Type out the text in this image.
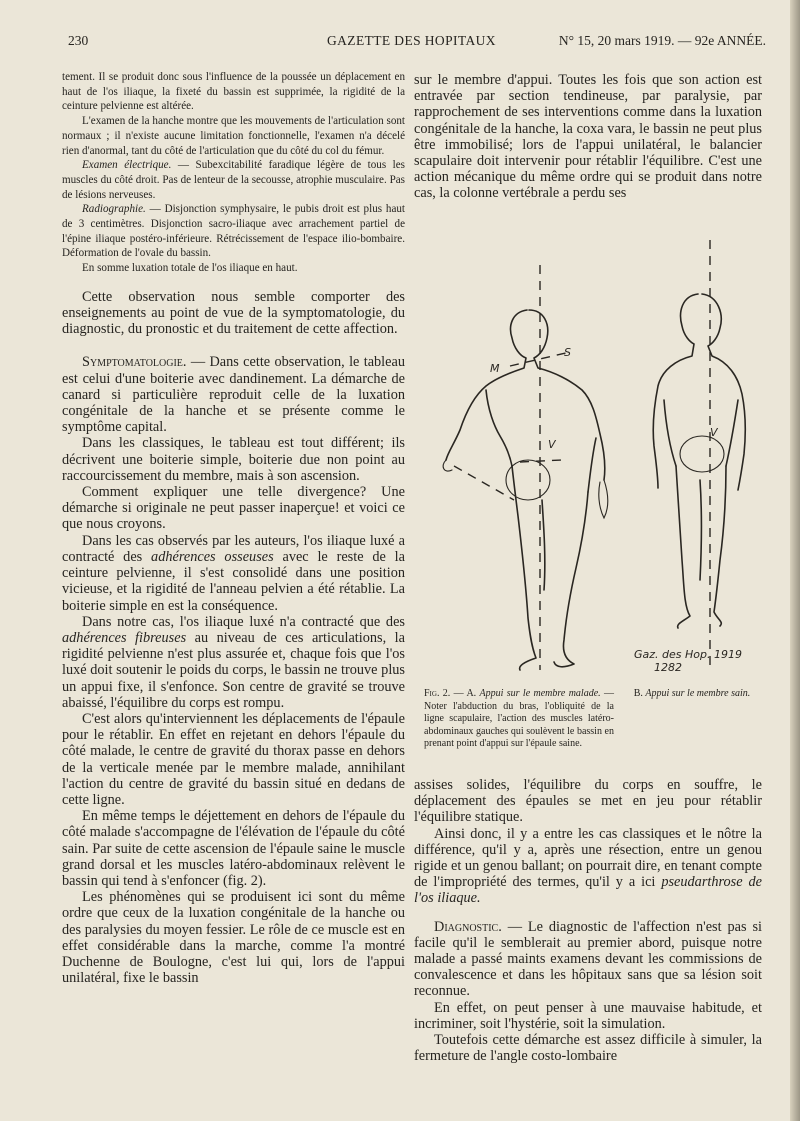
230	GAZETTE DES HOPITAUX	N° 15, 20 mars 1919. — 92e ANNÉE.

tement. Il se produit donc sous l'influence de la poussée un déplacement en haut de l'os iliaque, la fixeté du bassin est supprimée, la rigidité de la ceinture pelvienne est altérée.

L'examen de la hanche montre que les mouvements de l'articulation sont normaux ; il n'existe aucune limitation fonctionnelle, l'examen n'a décelé rien d'anormal, tant du côté de l'articulation que du côté du col du fémur.

Examen électrique. — Subexcitabilité faradique légère de tous les muscles du côté droit. Pas de lenteur de la secousse, atrophie musculaire. Pas de lésions nerveuses.

Radiographie. — Disjonction symphysaire, le pubis droit est plus haut de 3 centimètres. Disjonction sacro-iliaque avec arrachement partiel de l'épine iliaque postéro-inférieure. Rétrécissement de l'espace ilio-bombaire. Déformation de l'ovale du bassin.

En somme luxation totale de l'os iliaque en haut.

Cette observation nous semble comporter des enseignements au point de vue de la symptomatologie, du diagnostic, du pronostic et du traitement de cette affection.

Symptomatologie. — Dans cette observation, le tableau est celui d'une boiterie avec dandinement. La démarche de canard si particulière reproduit celle de la luxation congénitale de la hanche et se présente comme le symptôme capital.

Dans les classiques, le tableau est tout différent; ils décrivent une boiterie simple, boiterie due non point au raccourcissement du membre, mais à son ascension.

Comment expliquer une telle divergence? Une démarche si originale ne peut passer inaperçue! et voici ce que nous croyons.

Dans les cas observés par les auteurs, l'os iliaque luxé a contracté des adhérences osseuses avec le reste de la ceinture pelvienne, il s'est consolidé dans une position vicieuse, et la rigidité de l'anneau pelvien a été rétablie. La boiterie simple en est la conséquence.

Dans notre cas, l'os iliaque luxé n'a contracté que des adhérences fibreuses au niveau de ces articulations, la rigidité pelvienne n'est plus assurée et, chaque fois que l'os luxé doit soutenir le poids du corps, le bassin ne trouve plus un appui fixe, il s'enfonce. Son centre de gravité se trouve abaissé, l'équilibre du corps est rompu.

C'est alors qu'interviennent les déplacements de l'épaule pour le rétablir. En effet en rejetant en dehors l'épaule du côté malade, le centre de gravité du thorax passe en dehors de la verticale menée par le membre malade, annihilant l'action du centre de gravité du bassin situé en dedans de cette ligne.

En même temps le déjettement en dehors de l'épaule du côté malade s'accompagne de l'élévation de l'épaule du côté sain. Par suite de cette ascension de l'épaule saine le muscle grand dorsal et les muscles latéro-abdominaux relèvent le bassin qui tend à s'enfoncer (fig. 2).

Les phénomènes qui se produisent ici sont du même ordre que ceux de la luxation congénitale de la hanche ou des paralysies du moyen fessier. Le rôle de ce muscle est en effet considérable dans la marche, comme l'a montré Duchenne de Boulogne, c'est lui qui, lors de l'appui unilatéral, fixe le bassin

sur le membre d'appui. Toutes les fois que son action est entravée par section tendineuse, par paralysie, par rapprochement de ses interventions comme dans la luxation congénitale de la hanche, la coxa vara, le bassin ne peut plus être immobilisé; lors de l'appui unilatéral, le balancier scapulaire doit intervenir pour rétablir l'équilibre. C'est une action mécanique du même ordre qui se produit dans notre cas, la colonne vertébrale a perdu ses

S
M
V
V
Gaz. des Hop. 1919
1282
Fig. 2. — A. Appui sur le membre malade. — Noter l'abduction du bras, l'obliquité de la ligne scapulaire, l'action des muscles latéro-abdominaux gauches qui soulèvent le bassin en prenant point d'appui sur l'épaule saine.
B. Appui sur le membre sain.

assises solides, l'équilibre du corps en souffre, le déplacement des épaules se met en jeu pour rétablir l'équilibre statique.

Ainsi donc, il y a entre les cas classiques et le nôtre la différence, qu'il y a, après une résection, entre un genou rigide et un genou ballant; on pourrait dire, en tenant compte de l'impropriété des termes, qu'il y a ici pseudarthrose de l'os iliaque.

Diagnostic. — Le diagnostic de l'affection n'est pas si facile qu'il le semblerait au premier abord, puisque notre malade a passé maints examens devant les commissions de convalescence et dans les hôpitaux sans que sa lésion soit reconnue.

En effet, on peut penser à une mauvaise habitude, et incriminer, soit l'hystérie, soit la simulation.

Toutefois cette démarche est assez difficile à simuler, la fermeture de l'angle costo-lombaire
